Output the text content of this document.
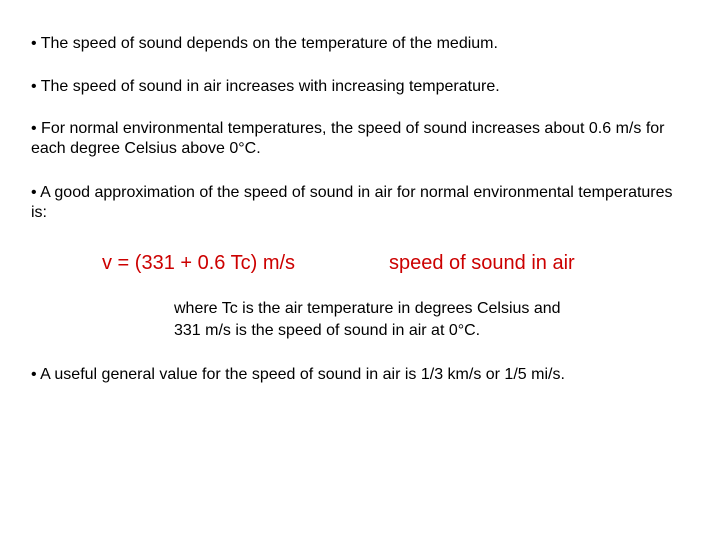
• The speed of sound depends on the temperature of the medium.
• The speed of sound in air increases with increasing temperature.
• For normal environmental temperatures, the speed of sound increases about 0.6 m/s for each degree Celsius above 0°C.
• A good approximation of the speed of sound in air for normal environmental temperatures is:
v = (331 + 0.6 Tc) m/s	speed of sound in air
where Tc is the air temperature in degrees Celsius and
331 m/s is the speed of sound in air at 0°C.
• A useful general value for the speed of sound in air is 1/3 km/s or 1/5 mi/s.
